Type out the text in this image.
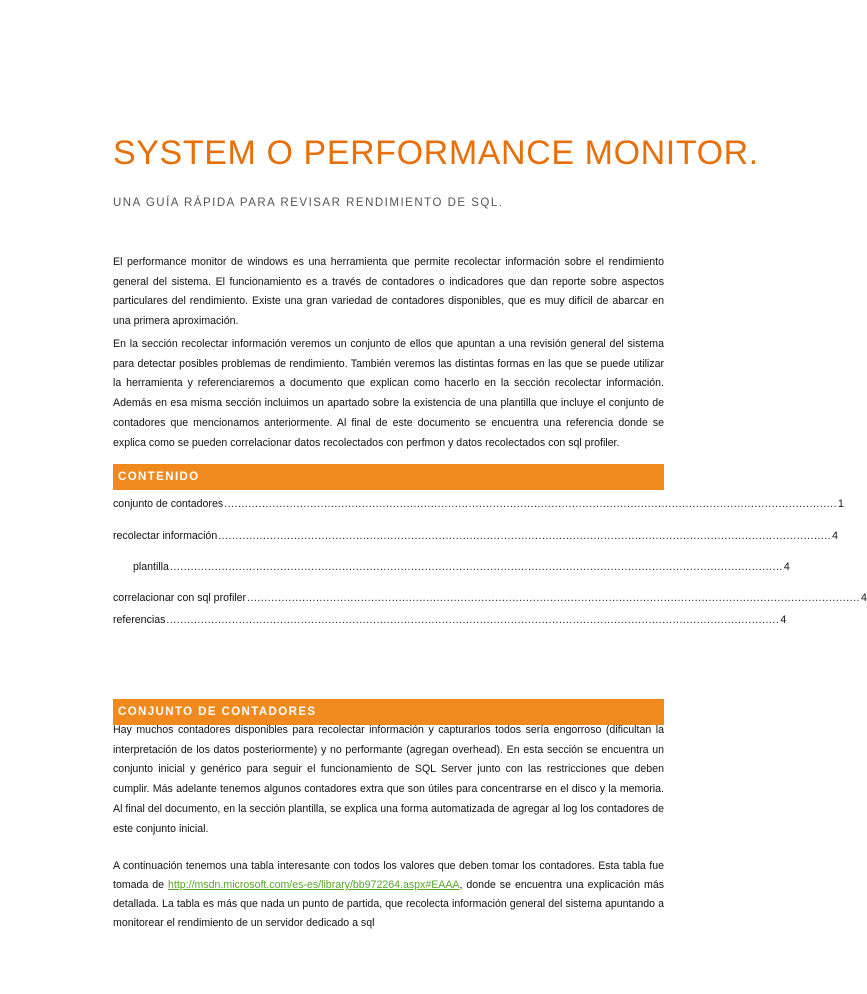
SYSTEM O PERFORMANCE MONITOR.
UNA GUÍA RÁPIDA PARA REVISAR RENDIMIENTO DE SQL.

El performance monitor de windows es una herramienta que permite recolectar información sobre el rendimiento general del sistema. El funcionamiento es a través de contadores o indicadores que dan reporte sobre aspectos particulares del rendimiento. Existe una gran variedad de contadores disponibles, que es muy difícil de abarcar en una primera aproximación.

En la sección recolectar información veremos un conjunto de ellos que apuntan a una revisión general del sistema para detectar posibles problemas de rendimiento. También veremos las distintas formas en las que se puede utilizar la herramienta y referenciaremos a documento que explican como hacerlo en la sección recolectar información. Además en esa misma sección incluimos un apartado sobre la existencia de una plantilla que incluye el conjunto de contadores que mencionamos anteriormente. Al final de este documento se encuentra una referencia donde se explica como se pueden correlacionar datos recolectados con perfmon y datos recolectados con sql profiler.

CONTENIDO
conjunto de contadores .................................................................................................................................................................................. 1
recolectar información .................................................................................................................................................................................. 4
plantilla .................................................................................................................................................................................. 4
correlacionar con sql profiler .................................................................................................................................................................................. 4
referencias .................................................................................................................................................................................. 4
CONJUNTO DE CONTADORES

Hay muchos contadores disponibles para recolectar información y capturarlos todos sería engorroso (dificultan la interpretación de los datos posteriormente) y no performante (agregan overhead). En esta sección se encuentra un conjunto inicial y genérico para seguir el funcionamiento de SQL Server junto con las restricciones que deben cumplir. Más adelante tenemos algunos contadores extra que son útiles para concentrarse en el disco y la memoria. Al final del documento, en la sección plantilla, se explica una forma automatizada de agregar al log los contadores de este conjunto inicial.

A continuación tenemos una tabla interesante con todos los valores que deben tomar los contadores. Esta tabla fue tomada de http://msdn.microsoft.com/es-es/library/bb972264.aspx#EAAA, donde se encuentra una explicación más detallada. La tabla es más que nada un punto de partida, que recolecta información general del sistema apuntando a monitorear el rendimiento de un servidor dedicado a sql
